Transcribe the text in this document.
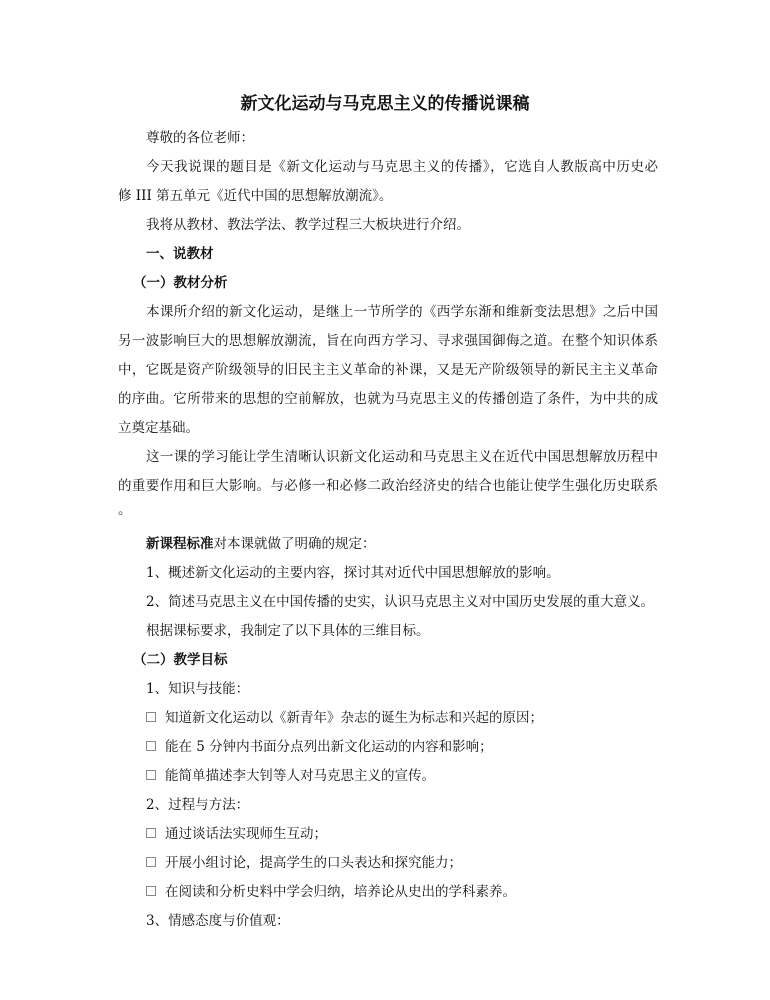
新文化运动与马克思主义的传播说课稿
尊敬的各位老师：
今天我说课的题目是《新文化运动与马克思主义的传播》，它选自人教版高中历史必
修 III 第五单元《近代中国的思想解放潮流》。
我将从教材、教法学法、教学过程三大板块进行介绍。
一、说教材
（一）教材分析
本课所介绍的新文化运动，是继上一节所学的《西学东渐和维新变法思想》之后中国
另一波影响巨大的思想解放潮流，旨在向西方学习、寻求强国御侮之道。在整个知识体系
中，它既是资产阶级领导的旧民主主义革命的补课，又是无产阶级领导的新民主主义革命
的序曲。它所带来的思想的空前解放，也就为马克思主义的传播创造了条件，为中共的成
立奠定基础。
这一课的学习能让学生清晰认识新文化运动和马克思主义在近代中国思想解放历程中
的重要作用和巨大影响。与必修一和必修二政治经济史的结合也能让使学生强化历史联系
。
新课程标准对本课就做了明确的规定：
1、概述新文化运动的主要内容，探讨其对近代中国思想解放的影响。
2、简述马克思主义在中国传播的史实，认识马克思主义对中国历史发展的重大意义。
根据课标要求，我制定了以下具体的三维目标。
（二）教学目标
1、知识与技能：
知道新文化运动以《新青年》杂志的诞生为标志和兴起的原因；
能在 5 分钟内书面分点列出新文化运动的内容和影响；
能简单描述李大钊等人对马克思主义的宣传。
2、过程与方法：
通过谈话法实现师生互动；
开展小组讨论，提高学生的口头表达和探究能力；
在阅读和分析史料中学会归纳，培养论从史出的学科素养。
3、情感态度与价值观：
